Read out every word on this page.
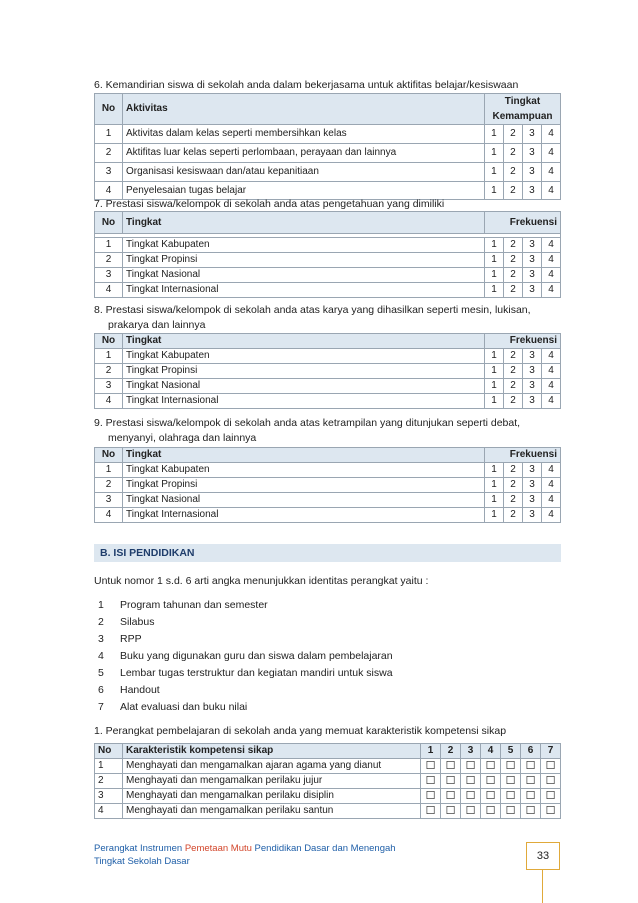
6. Kemandirian siswa di sekolah anda dalam bekerjasama untuk aktifitas belajar/kesiswaan
No	Aktivitas	Tingkat Kemampuan			
1	Aktivitas dalam kelas seperti membersihkan kelas	1	2	3	4
2	Aktifitas luar kelas seperti perlombaan, perayaan dan lainnya	1	2	3	4
3	Organisasi kesiswaan dan/atau kepanitiaan	1	2	3	4
4	Penyelesaian tugas belajar	1	2	3	4
7. Prestasi siswa/kelompok di sekolah anda atas pengetahuan yang dimiliki
No	Tingkat	Frekuensi			

1	Tingkat Kabupaten	1	2	3	4
2	Tingkat Propinsi	1	2	3	4
3	Tingkat Nasional	1	2	3	4
4	Tingkat Internasional	1	2	3	4
8. Prestasi siswa/kelompok di sekolah anda atas karya yang dihasilkan seperti mesin, lukisan,
prakarya dan lainnya
No	Tingkat	Frekuensi			
1	Tingkat Kabupaten	1	2	3	4
2	Tingkat Propinsi	1	2	3	4
3	Tingkat Nasional	1	2	3	4
4	Tingkat Internasional	1	2	3	4
9. Prestasi siswa/kelompok di sekolah anda atas ketrampilan yang ditunjukan seperti debat,
menyanyi, olahraga dan lainnya
No	Tingkat	Frekuensi			
1	Tingkat Kabupaten	1	2	3	4
2	Tingkat Propinsi	1	2	3	4
3	Tingkat Nasional	1	2	3	4
4	Tingkat Internasional	1	2	3	4
B. ISI PENDIDIKAN
Untuk nomor 1 s.d. 6 arti angka menunjukkan identitas perangkat yaitu :
1 Program tahunan dan semester
2 Silabus
3 RPP
4 Buku yang digunakan guru dan siswa dalam pembelajaran
5 Lembar tugas terstruktur dan kegiatan mandiri untuk siswa
6 Handout
7 Alat evaluasi dan buku nilai
1. Perangkat pembelajaran di sekolah anda yang memuat karakteristik kompetensi sikap
No	Karakteristik kompetensi sikap	1	2	3	4	5	6	7
1	Menghayati dan mengamalkan ajaran agama yang dianut	☐	☐	☐	☐	☐	☐	☐
2	Menghayati dan mengamalkan perilaku jujur	☐	☐	☐	☐	☐	☐	☐
3	Menghayati dan mengamalkan perilaku disiplin	☐	☐	☐	☐	☐	☐	☐
4	Menghayati dan mengamalkan perilaku santun	☐	☐	☐	☐	☐	☐	☐
Perangkat Instrumen Pemetaan Mutu Pendidikan Dasar dan Menengah
Tingkat Sekolah Dasar	33
